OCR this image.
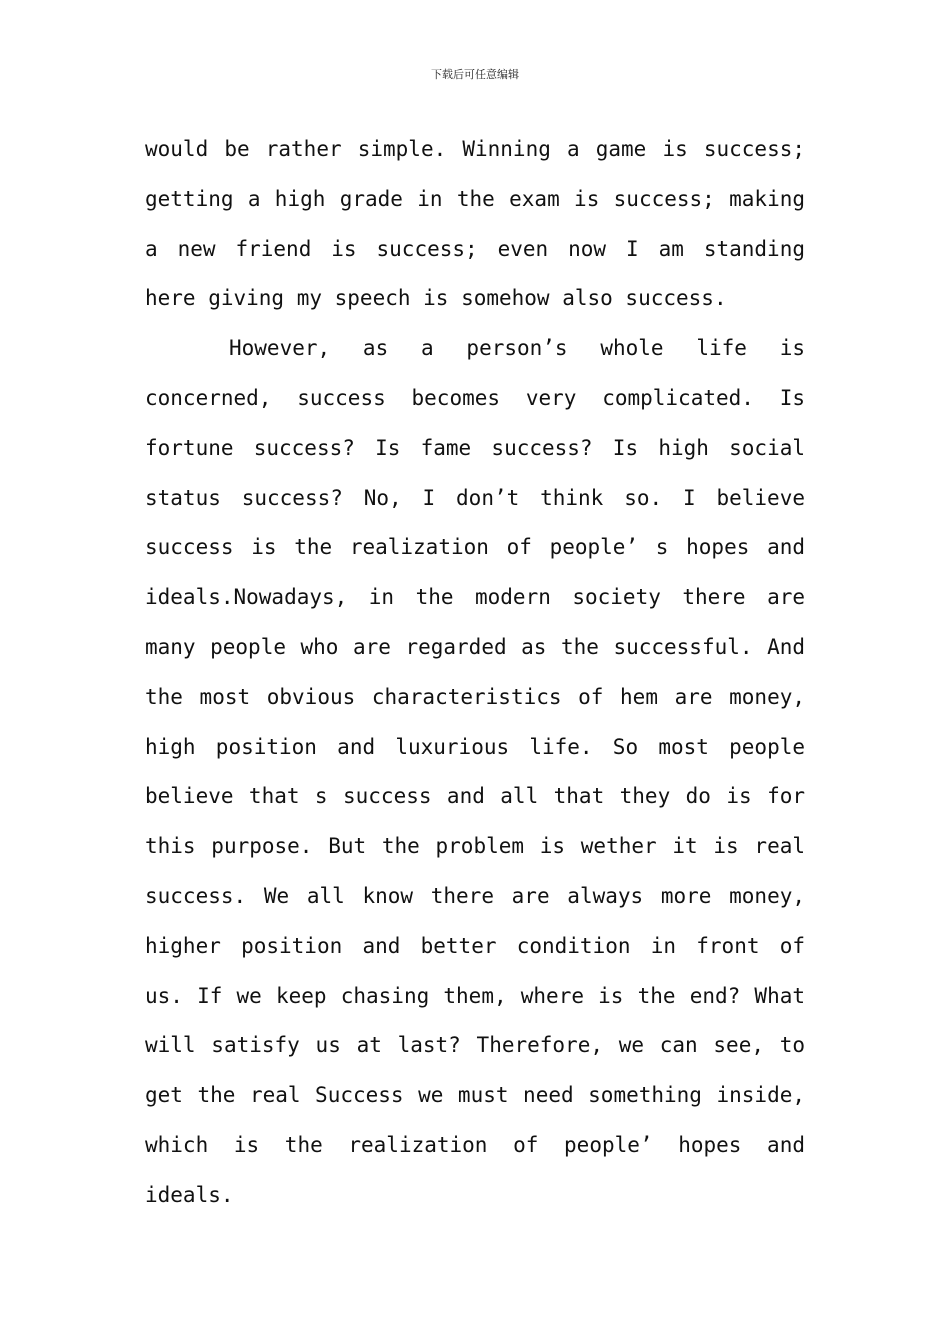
下载后可任意编辑
would be rather simple. Winning a game is success;
getting a high grade in the exam is success; making
a new friend is success; even now I am standing
here giving my speech is somehow also success.
However, as a person’s whole life is
concerned, success becomes very complicated. Is
fortune success? Is fame success? Is high social
status success? No, I don’t think so. I believe
success is the realization of people’ s hopes and
ideals.Nowadays, in the modern society there are
many people who are regarded as the successful. And
the most obvious characteristics of hem are money,
high position and luxurious life. So most people
believe that s success and all that they do is for
this purpose. But the problem is wether it is real
success. We all know there are always more money,
higher position and better condition in front of
us. If we keep chasing them, where is the end? What
will satisfy us at last? Therefore, we can see, to
get the real Success we must need something inside,
which is the realization of people’ hopes and
ideals.
